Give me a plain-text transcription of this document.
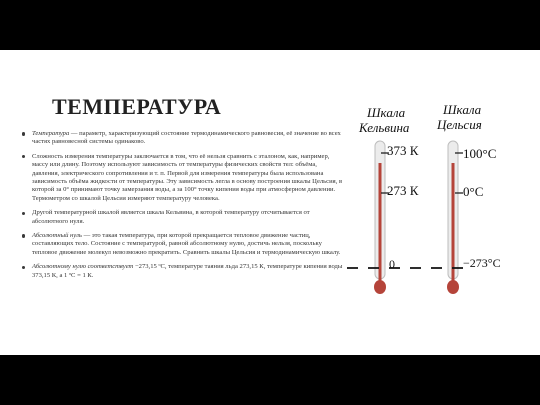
ТЕМПЕРАТУРА
Температура — параметр, характеризующий состояние термодинамического равновесия, её значение во всех частях равновесной системы одинаково.
Сложность измерения температуры заключается в том, что её нельзя сравнить с эталоном, как, например, массу или длину. Поэтому используют зависимость от температуры физических свойств тел: объёма, давления, электрического сопротивления и т. п. Первой для измерения температуры была использована зависимость объёма жидкости от температуры. Эту зависимость легла в основу построения шкалы Цельсия, в которой за 0° принимают точку замерзания воды, а за 100° точку кипения воды при атмосферном давлении. Термометром со шкалой Цельсия измеряют температуру человека.
Другой температурной шкалой является шкала Кельвина, в которой температуру отсчитывается от абсолютного нуля.
Абсолютный нуль — это такая температура, при которой прекращается тепловое движение частиц, составляющих тело. Состояние с температурой, равной абсолютному нулю, достичь нельзя, поскольку тепловое движение молекул невозможно прекратить. Сравнить шкалы Цельсия и термодинамическую шкалу.
Абсолютному нулю соответствует −273,15 ºС, температуре таяния льда 273,15 К, температуре кипения воды 373,15 К, а 1 ºС = 1 К.
Шкала
Кельвина
Шкала
Цельсия
373 К
273 К
100°C
0°C
0	−273°C
